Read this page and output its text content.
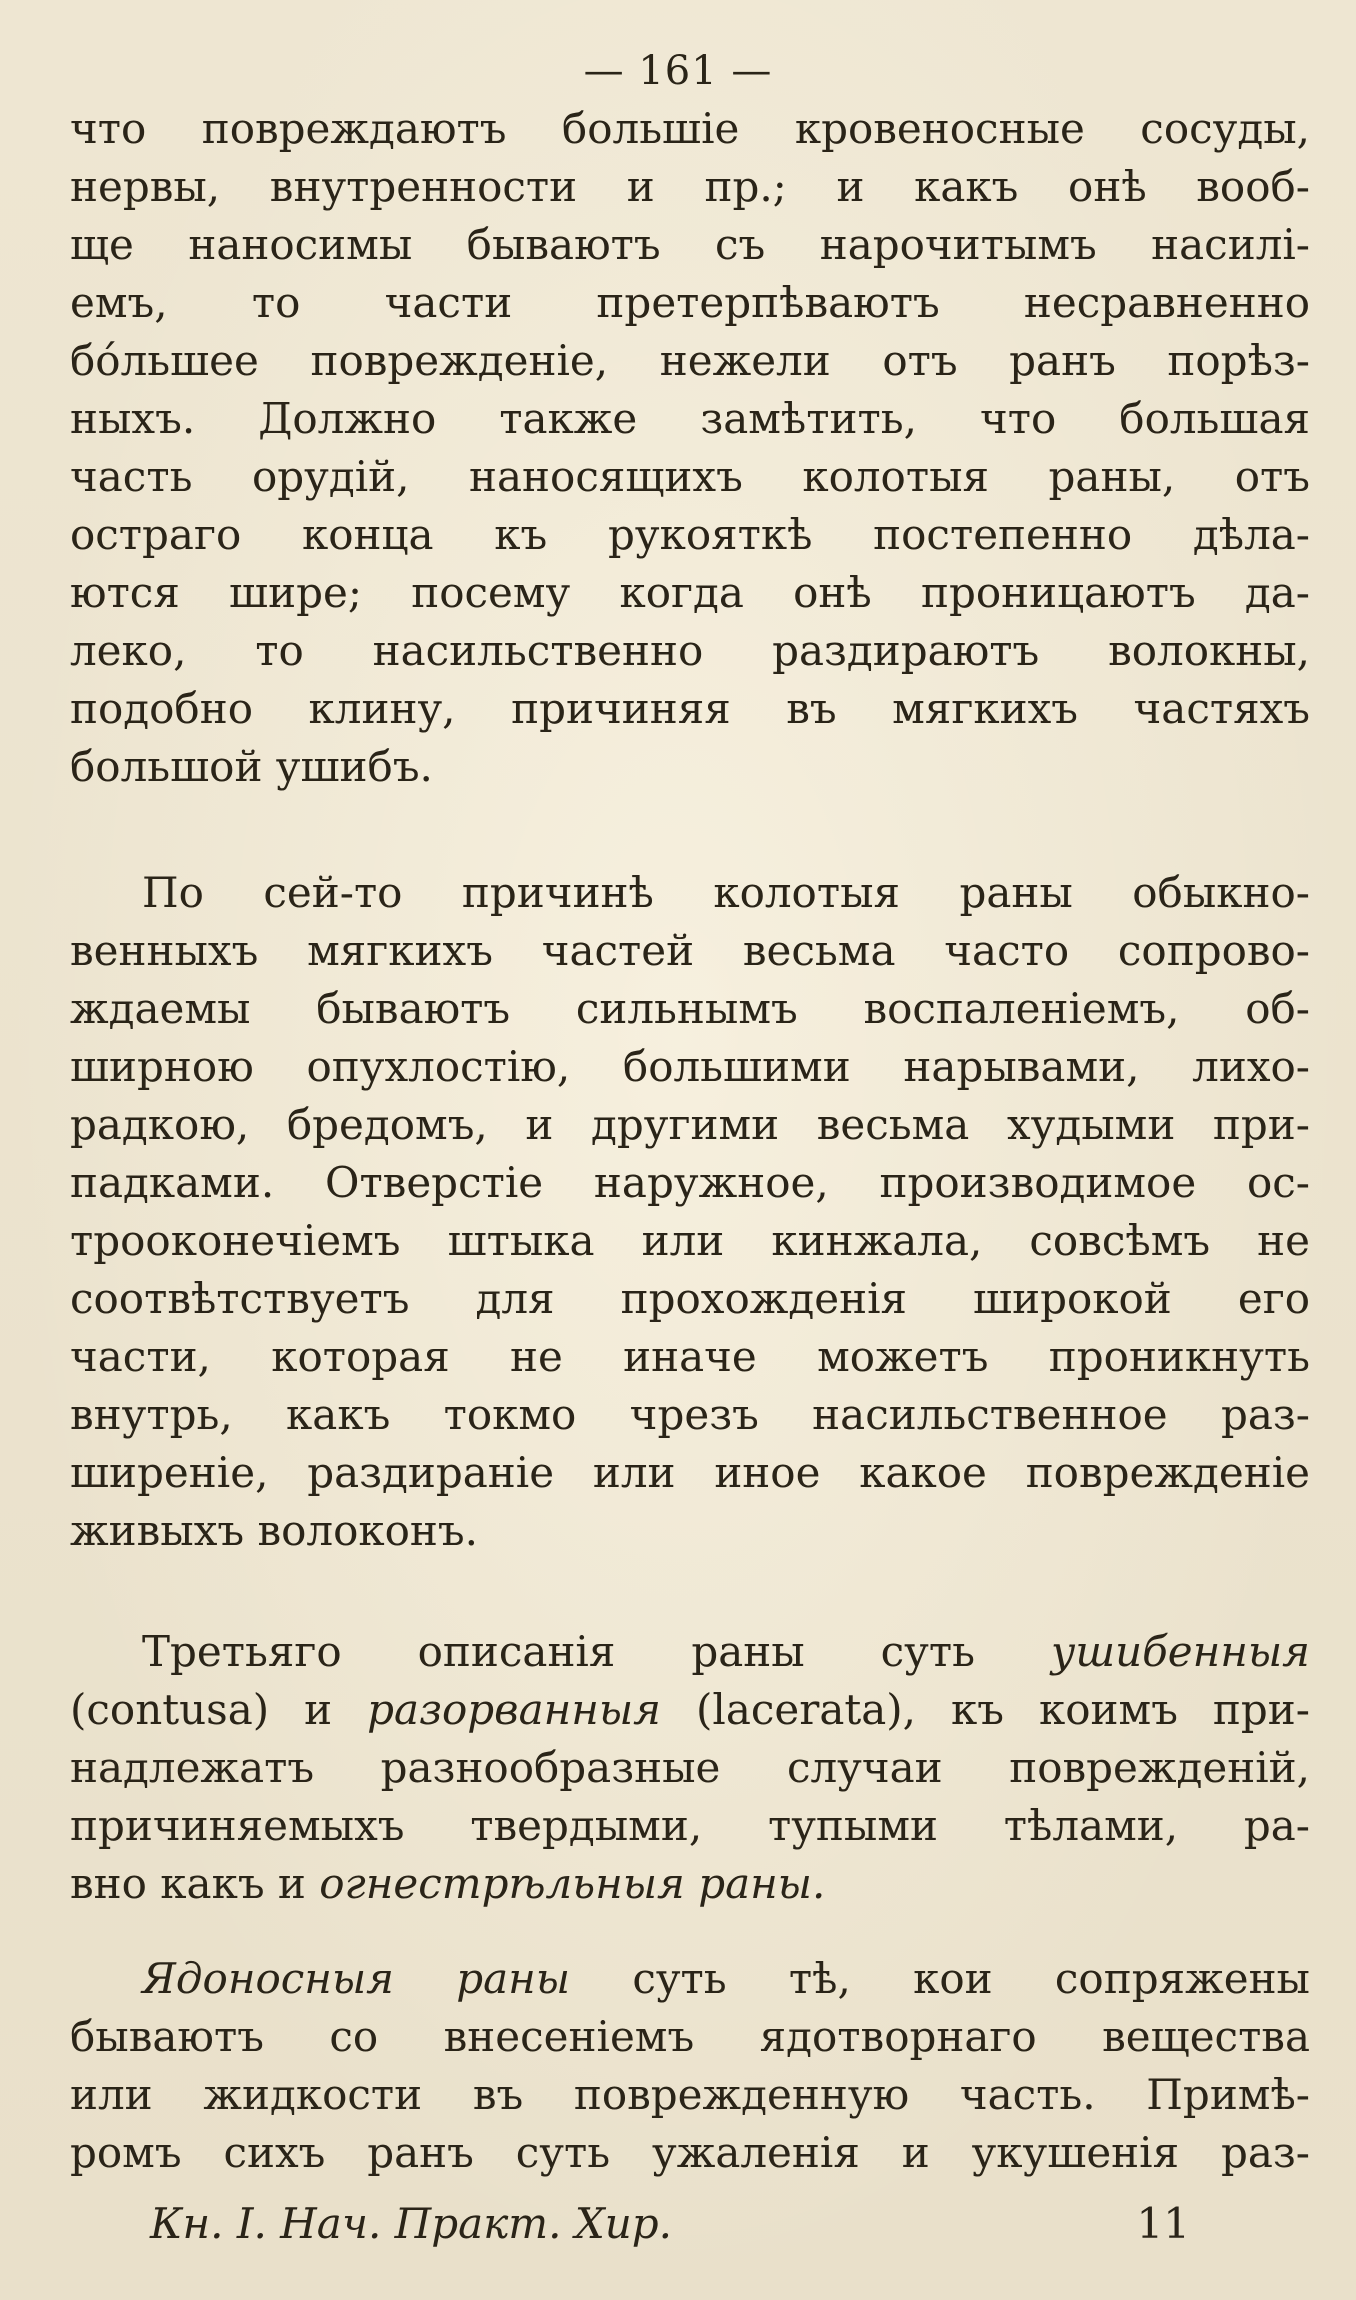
— 161 —
что повреждаютъ большіе кровеносные сосуды,
нервы, внутренности и пр.; и какъ онѣ вооб-
ще наносимы бываютъ съ нарочитымъ насилі-
емъ, то части претерпѣваютъ несравненно
бóльшее поврежденіе, нежели отъ ранъ порѣз-
ныхъ. Должно также замѣтить, что большая
часть орудій, наносящихъ колотыя раны, отъ
остраго конца къ рукояткѣ постепенно дѣла-
ются шире; посему когда онѣ проницаютъ да-
леко, то насильственно раздираютъ волокны,
подобно клину, причиняя въ мягкихъ частяхъ
большой ушибъ.
По сей-то причинѣ колотыя раны обыкно-
венныхъ мягкихъ частей весьма часто сопрово-
ждаемы бываютъ сильнымъ воспаленіемъ, об-
ширною опухлостію, большими нарывами, лихо-
радкою, бредомъ, и другими весьма худыми при-
падками. Отверстіе наружное, производимое ос-
трооконечіемъ штыка или кинжала, совсѣмъ не
соотвѣтствуетъ для прохожденія широкой его
части, которая не иначе можетъ проникнуть
внутрь, какъ токмо чрезъ насильственное раз-
ширеніе, раздираніе или иное какое поврежденіе
живыхъ волоконъ.
Третьяго описанія раны суть ушибенныя
(contusa) и разорванныя (lacerata), къ коимъ при-
надлежатъ разнообразные случаи поврежденій,
причиняемыхъ твердыми, тупыми тѣлами, ра-
вно какъ и огнестрѣльныя раны.
Ядоносныя раны суть тѣ, кои сопряжены
бываютъ со внесеніемъ ядотворнаго вещества
или жидкости въ поврежденную часть. Примѣ-
ромъ сихъ ранъ суть ужаленія и укушенія раз-
Кн. I. Нач. Практ. Хир.	11
